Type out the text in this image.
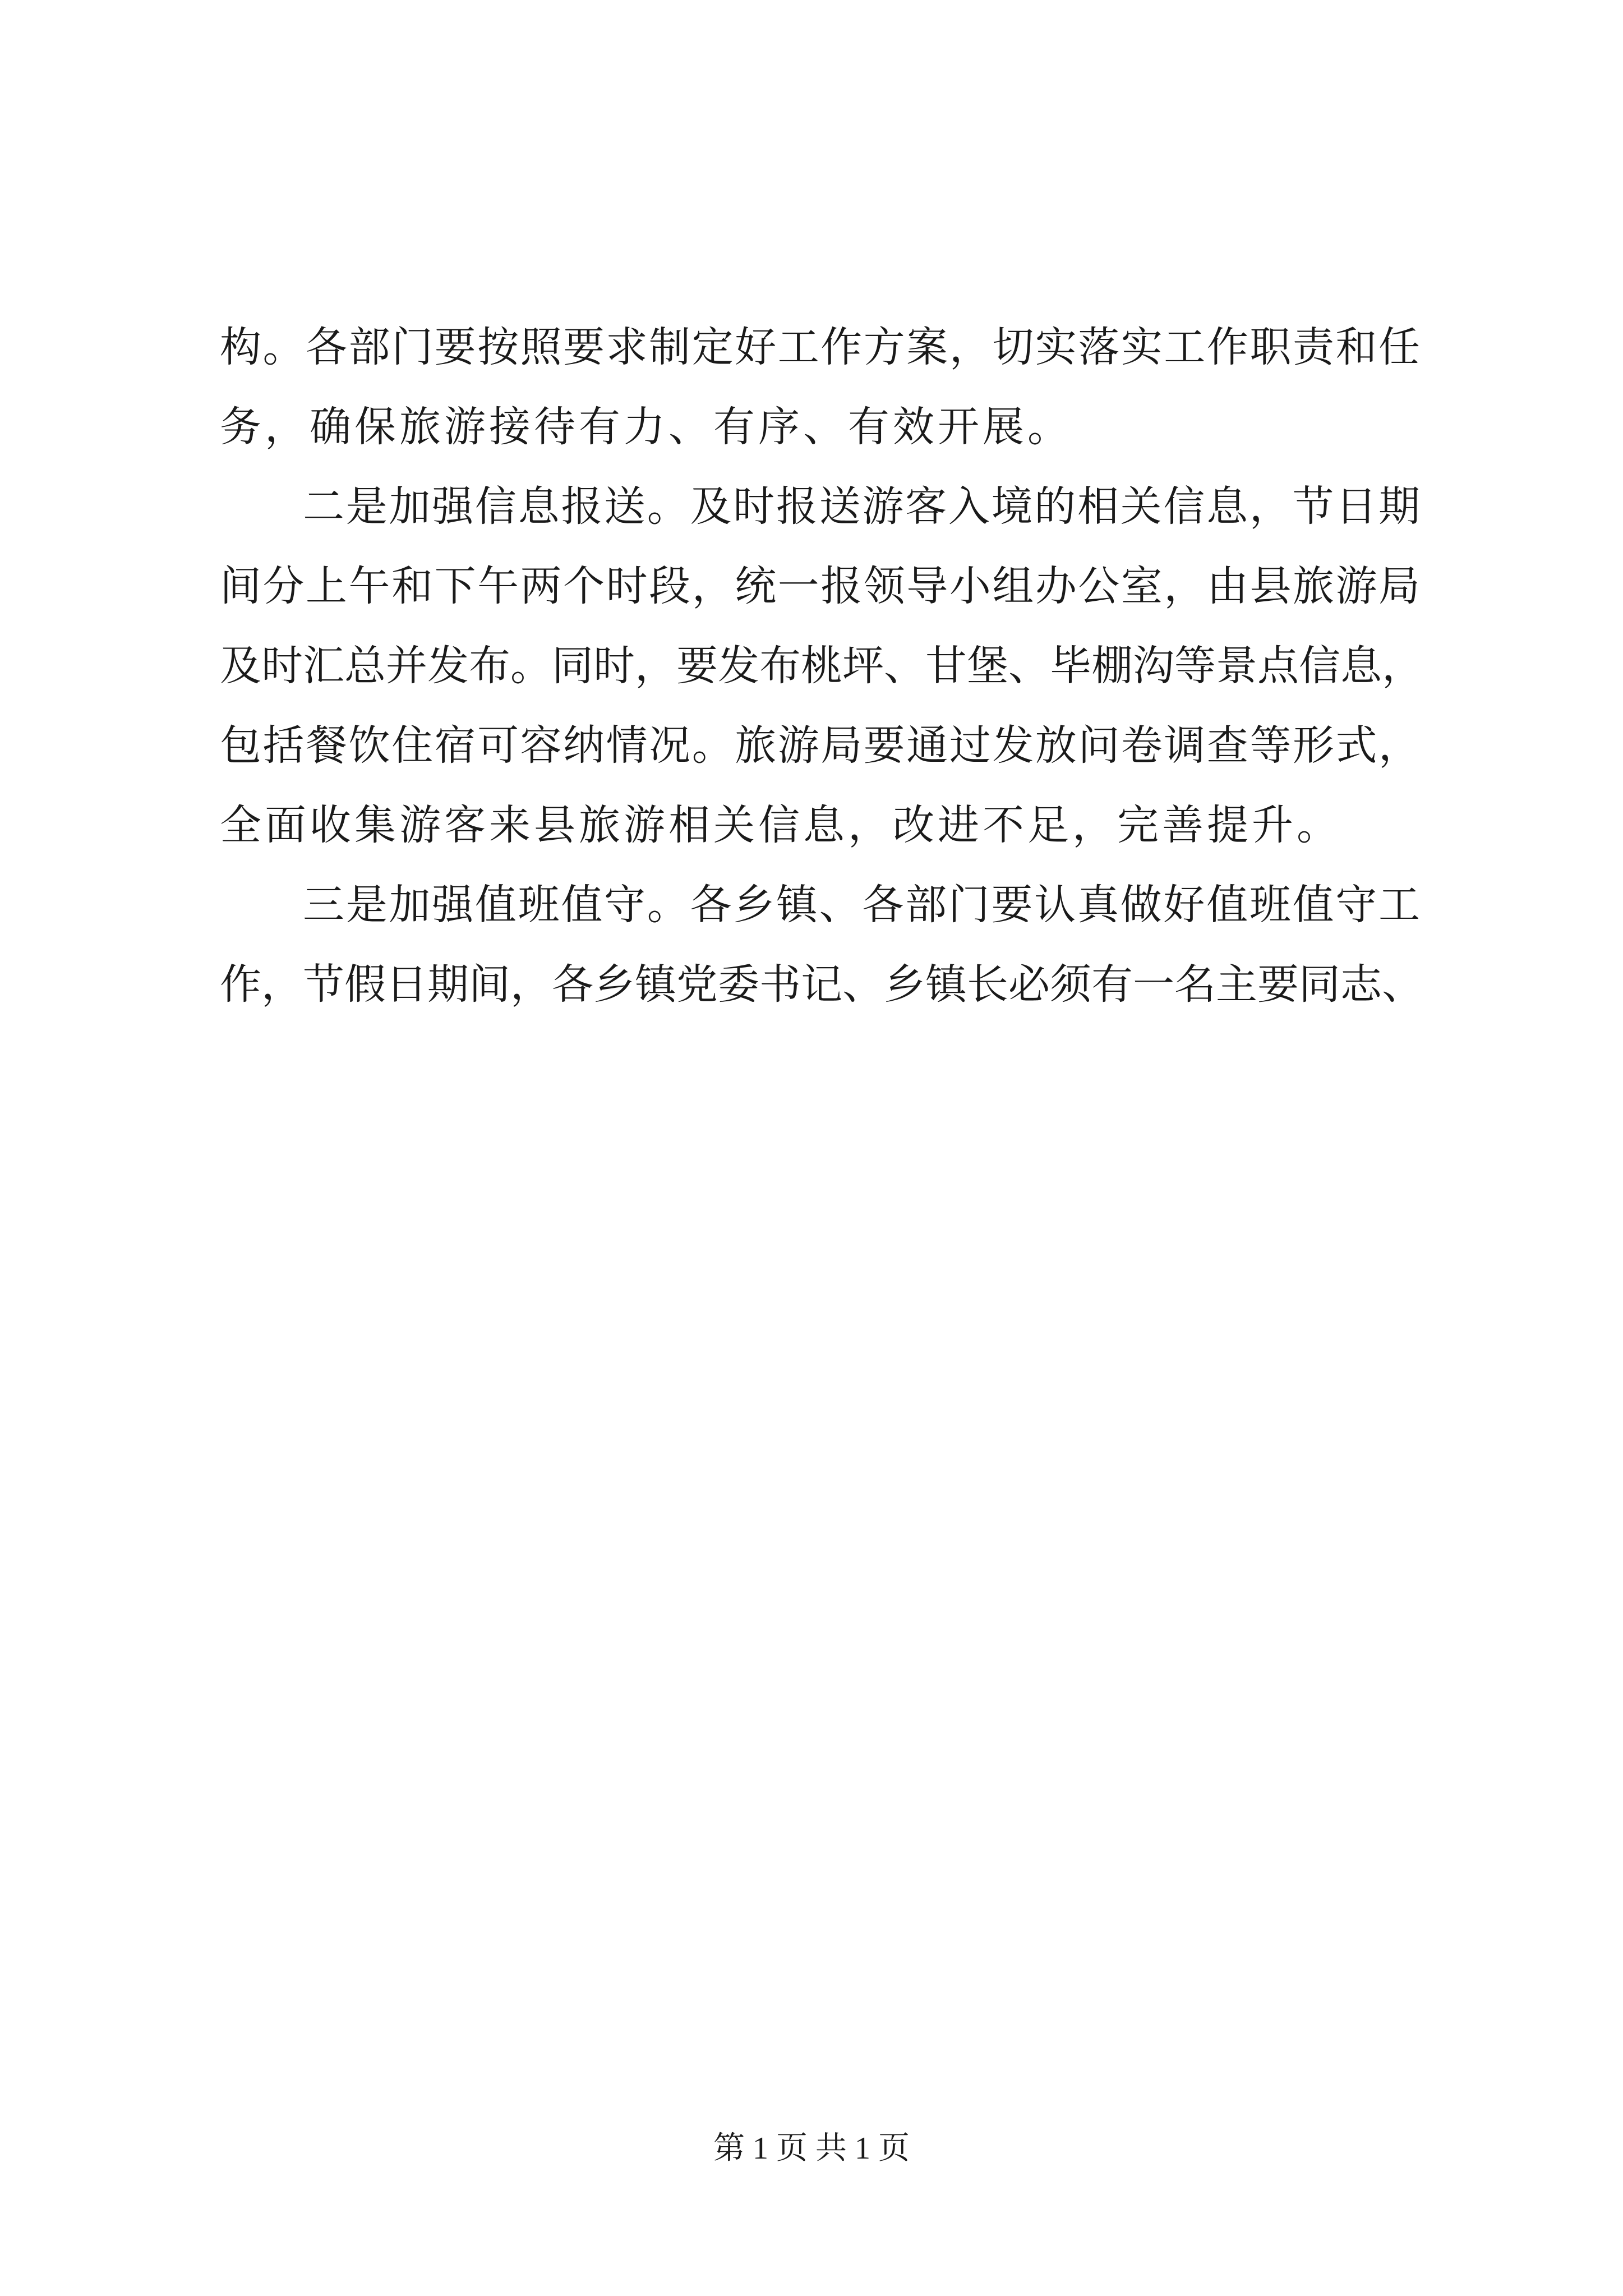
构。各部门要按照要求制定好工作方案，切实落实工作职责和任
务，确保旅游接待有力、有序、有效开展。
二是加强信息报送。及时报送游客入境的相关信息，节日期
间分上午和下午两个时段，统一报领导小组办公室，由县旅游局
及时汇总并发布。同时，要发布桃坪、甘堡、毕棚沟等景点信息，
包括餐饮住宿可容纳情况。旅游局要通过发放问卷调查等形式，
全面收集游客来县旅游相关信息，改进不足，完善提升。
三是加强值班值守。各乡镇、各部门要认真做好值班值守工
作，节假日期间，各乡镇党委书记、乡镇长必须有一名主要同志、
第 1 页 共 1 页
